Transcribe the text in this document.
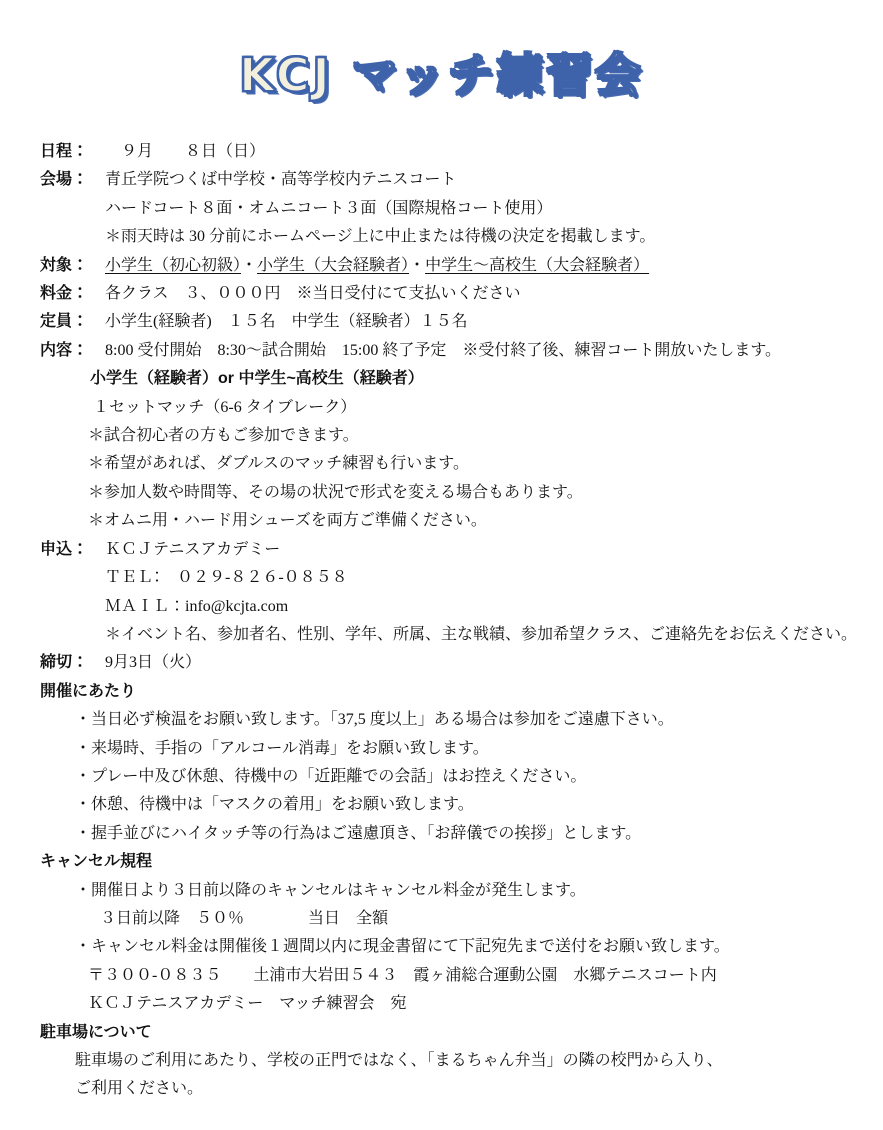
KCJ マッチ練習会

日程：　９月　　８日（日）

会場： 青丘学院つくば中学校・高等学校内テニスコート

ハードコート８面・オムニコート３面（国際規格コート使用）

＊雨天時は 30 分前にホームページ上に中止または待機の決定を掲載します。

対象： 小学生（初心初級）・小学生（大会経験者）・中学生～高校生（大会経験者）

料金： 各クラス　３、０００円　※当日受付にて支払いください

定員： 小学生(経験者)　１５名　中学生（経験者）１５名

内容： 8:00 受付開始　8:30～試合開始　15:00 終了予定　※受付終了後、練習コート開放いたします。

小学生（経験者）or 中学生~高校生（経験者）

１セットマッチ（6-6 タイブレーク）

＊試合初心者の方もご参加できます。

＊希望があれば、ダブルスのマッチ練習も行います。

＊参加人数や時間等、その場の状況で形式を変える場合もあります。

＊オムニ用・ハード用シューズを両方ご準備ください。

申込： ＫＣＪテニスアカデミー

ＴＥＬ：　０２９‐８２６‐０８５８

ＭＡＩＬ：info@kcjta.com

＊イベント名、参加者名、性別、学年、所属、主な戦績、参加希望クラス、ご連絡先をお伝えください。

締切： 9月3日（火）

開催にあたり

・当日必ず検温をお願い致します。「37,5 度以上」ある場合は参加をご遠慮下さい。

・来場時、手指の「アルコール消毒」をお願い致します。

・プレー中及び休憩、待機中の「近距離での会話」はお控えください。

・休憩、待機中は「マスクの着用」をお願い致します。

・握手並びにハイタッチ等の行為はご遠慮頂き、「お辞儀での挨拶」とします。

キャンセル規程

・開催日より３日前以降のキャンセルはキャンセル料金が発生します。

３日前以降　５０％　　　　当日　全額

・キャンセル料金は開催後１週間以内に現金書留にて下記宛先まで送付をお願い致します。

〒３００‐０８３５　　土浦市大岩田５４３　霞ヶ浦総合運動公園　水郷テニスコート内

ＫＣＪテニスアカデミー　マッチ練習会　宛

駐車場について

駐車場のご利用にあたり、学校の正門ではなく、「まるちゃん弁当」の隣の校門から入り、

ご利用ください。
